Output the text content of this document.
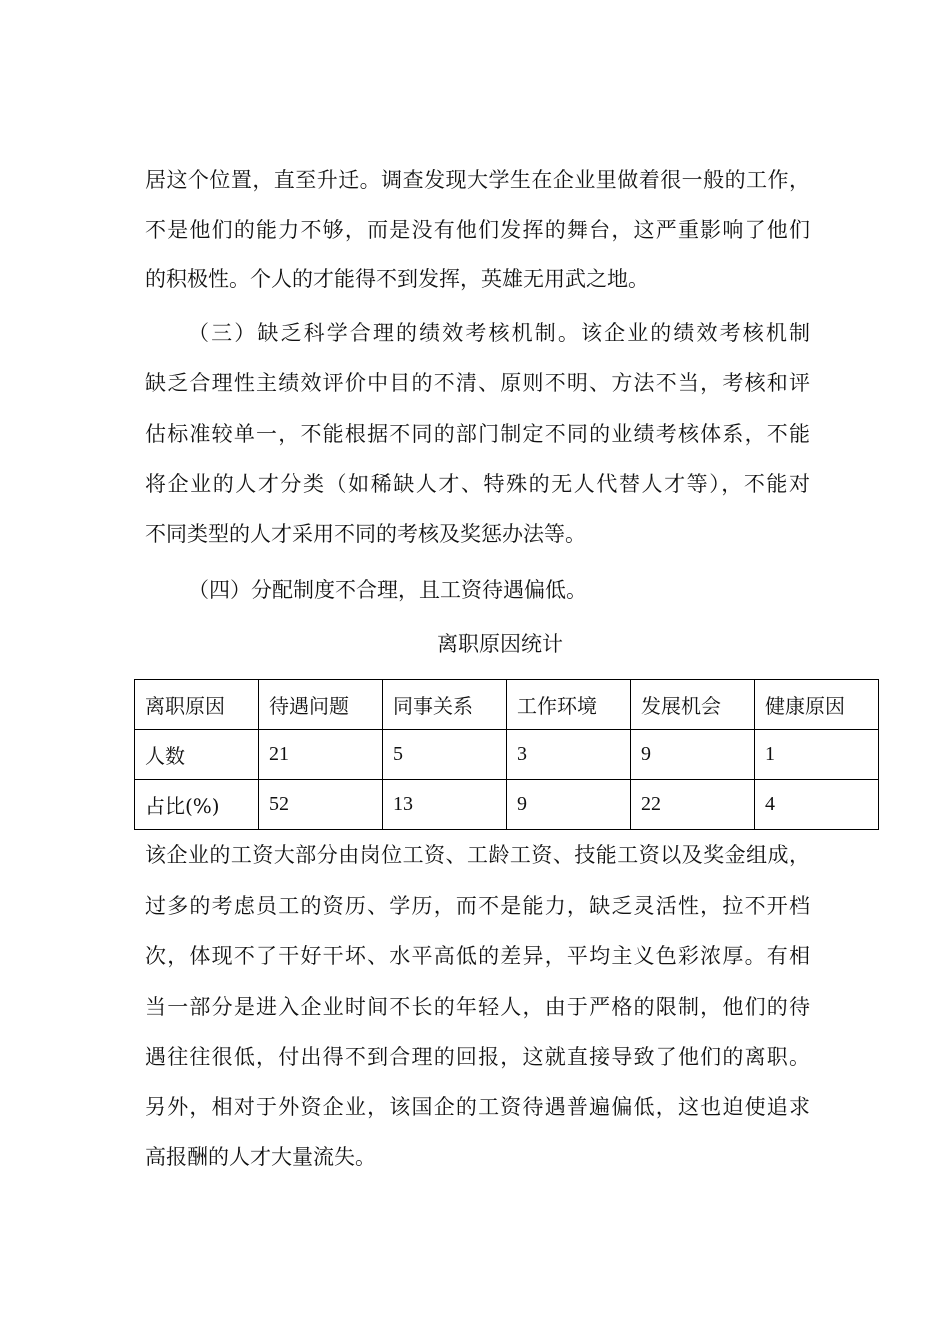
居这个位置，直至升迁。调查发现大学生在企业里做着很一般的工作，
不是他们的能力不够，而是没有他们发挥的舞台，这严重影响了他们
的积极性。个人的才能得不到发挥，英雄无用武之地。
（三）缺乏科学合理的绩效考核机制。该企业的绩效考核机制
缺乏合理性主绩效评价中目的不清、原则不明、方法不当，考核和评
估标准较单一，不能根据不同的部门制定不同的业绩考核体系，不能
将企业的人才分类（如稀缺人才、特殊的无人代替人才等），不能对
不同类型的人才采用不同的考核及奖惩办法等。
（四）分配制度不合理，且工资待遇偏低。
离职原因统计
离职原因	待遇问题	同事关系	工作环境	发展机会	健康原因
人数	21	5	3	9	1
占比(%)	52	13	9	22	4
该企业的工资大部分由岗位工资、工龄工资、技能工资以及奖金组成，
过多的考虑员工的资历、学历，而不是能力，缺乏灵活性，拉不开档
次，体现不了干好干坏、水平高低的差异，平均主义色彩浓厚。有相
当一部分是进入企业时间不长的年轻人，由于严格的限制，他们的待
遇往往很低，付出得不到合理的回报，这就直接导致了他们的离职。
另外，相对于外资企业，该国企的工资待遇普遍偏低，这也迫使追求
高报酬的人才大量流失。
